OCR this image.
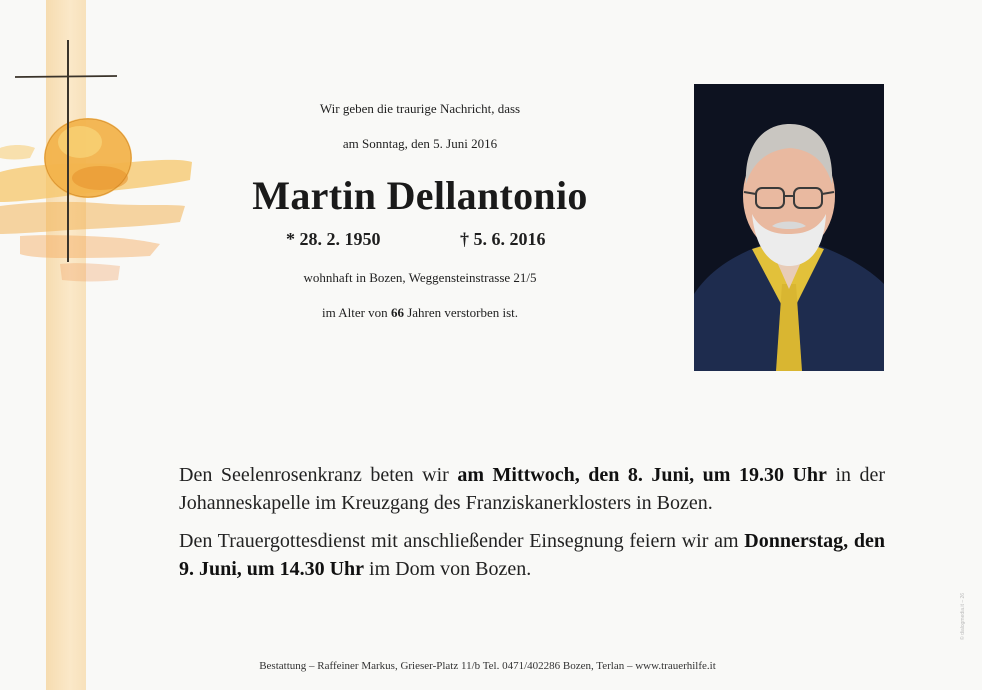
Wir geben die traurige Nachricht, dass
am Sonntag, den 5. Juni 2016
Martin Dellantonio
* 28. 2. 1950	† 5. 6. 2016
wohnhaft in Bozen, Weggensteinstrasse 21/5
im Alter von 66 Jahren verstorben ist.
Den Seelenrosenkranz beten wir am Mittwoch, den 8. Juni, um 19.30 Uhr in der Johanneskapelle im Kreuzgang des Franziskanerklosters in Bozen.
Den Trauergottesdienst mit anschließender Einsegnung feiern wir am Donnerstag, den 9. Juni, um 14.30 Uhr im Dom von Bozen.
Bestattung – Raffeiner Markus, Grieser-Platz 11/b Tel. 0471/402286 Bozen, Terlan – www.trauerhilfe.it
© dialogmedia.it – 26
